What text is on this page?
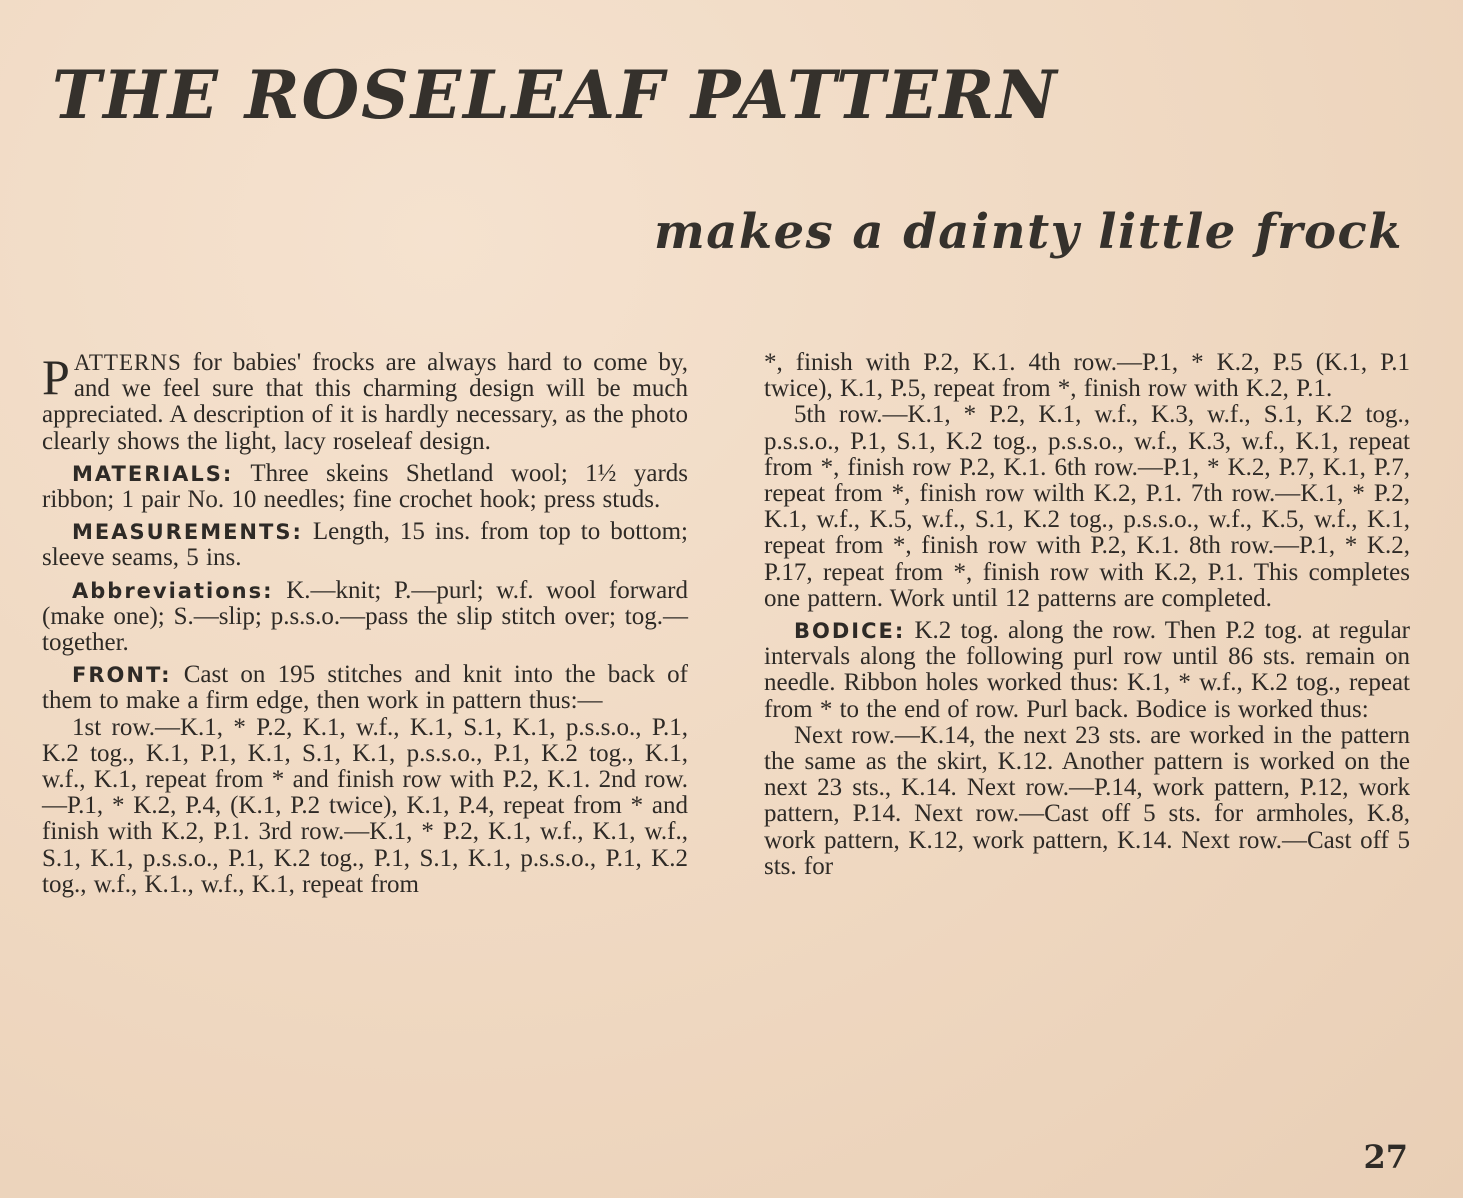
THE ROSELEAF PATTERN
makes a dainty little frock

PATTERNS for babies' frocks are always hard to come by, and we feel sure that this charming design will be much appreciated. A description of it is hardly necessary, as the photo clearly shows the light, lacy roseleaf design.

MATERIALS: Three skeins Shetland wool; 1½ yards ribbon; 1 pair No. 10 needles; fine crochet hook; press studs.

MEASUREMENTS: Length, 15 ins. from top to bottom; sleeve seams, 5 ins.

Abbreviations: K.—knit; P.—purl; w.f. wool forward (make one); S.—slip; p.s.s.o.—pass the slip stitch over; tog.—together.

FRONT: Cast on 195 stitches and knit into the back of them to make a firm edge, then work in pattern thus:—

1st row.—K.1, * P.2, K.1, w.f., K.1, S.1, K.1, p.s.s.o., P.1, K.2 tog., K.1, P.1, K.1, S.1, K.1, p.s.s.o., P.1, K.2 tog., K.1, w.f., K.1, repeat from * and finish row with P.2, K.1. 2nd row.—P.1, * K.2, P.4, (K.1, P.2 twice), K.1, P.4, repeat from * and finish with K.2, P.1. 3rd row.—K.1, * P.2, K.1, w.f., K.1, w.f., S.1, K.1, p.s.s.o., P.1, K.2 tog., P.1, S.1, K.1, p.s.s.o., P.1, K.2 tog., w.f., K.1., w.f., K.1, repeat from

*, finish with P.2, K.1. 4th row.—P.1, * K.2, P.5 (K.1, P.1 twice), K.1, P.5, repeat from *, finish row with K.2, P.1.

5th row.—K.1, * P.2, K.1, w.f., K.3, w.f., S.1, K.2 tog., p.s.s.o., P.1, S.1, K.2 tog., p.s.s.o., w.f., K.3, w.f., K.1, repeat from *, finish row P.2, K.1. 6th row.—P.1, * K.2, P.7, K.1, P.7, repeat from *, finish row wilth K.2, P.1. 7th row.—K.1, * P.2, K.1, w.f., K.5, w.f., S.1, K.2 tog., p.s.s.o., w.f., K.5, w.f., K.1, repeat from *, finish row with P.2, K.1. 8th row.—P.1, * K.2, P.17, repeat from *, finish row with K.2, P.1. This completes one pattern. Work until 12 patterns are completed.

BODICE: K.2 tog. along the row. Then P.2 tog. at regular intervals along the following purl row until 86 sts. remain on needle. Ribbon holes worked thus: K.1, * w.f., K.2 tog., repeat from * to the end of row. Purl back. Bodice is worked thus:

Next row.—K.14, the next 23 sts. are worked in the pattern the same as the skirt, K.12. Another pattern is worked on the next 23 sts., K.14. Next row.—P.14, work pattern, P.12, work pattern, P.14. Next row.—Cast off 5 sts. for armholes, K.8, work pattern, K.12, work pattern, K.14. Next row.—Cast off 5 sts. for

27
